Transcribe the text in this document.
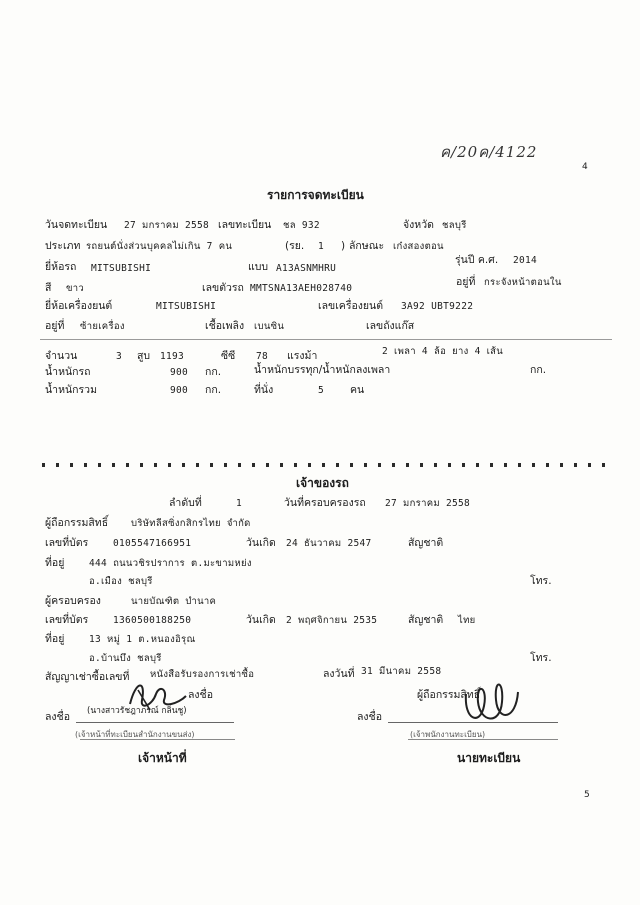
ค/20ค/4122
4
รายการจดทะเบียน
วันจดทะเบียน 27 มกราคม 2558 เลขทะเบียน ชล 932	จังหวัด ชลบุรี
ประเภท รถยนต์นั่งส่วนบุคคลไม่เกิน 7 คน	(รย. 1 ) ลักษณะ เก๋งสองตอน
ยี่ห้อรถ MITSUBISHI	แบบ A13ASNMHRU
รุ่นปี ค.ศ. 2014
สี ขาว	เลขตัวรถ MMTSNA13AEH028740
อยู่ที่ กระจังหน้าตอนใน
ยี่ห้อเครื่องยนต์	MITSUBISHI	เลขเครื่องยนต์ 3A92 UBT9222
อยู่ที่ ซ้ายเครื่อง	เชื้อเพลิง เบนซิน	เลขถังแก๊ส
จำนวน	3 สูบ 1193	ซีซี 78 แรงม้า	2 เพลา 4 ล้อ ยาง 4 เส้น
น้ำหนักรถ	900 กก.	น้ำหนักบรรทุก/น้ำหนักลงเพลา	กก.
น้ำหนักรวม	900 กก.	ที่นั่ง	5 คน
เจ้าของรถ
ลำดับที่	1	วันที่ครอบครองรถ 27 มกราคม 2558
ผู้ถือกรรมสิทธิ์ บริษัทลีสซิ่งกสิกรไทย จำกัด
เลขที่บัตร	0105547166951	วันเกิด 24 ธันวาคม 2547	สัญชาติ
ที่อยู่	444 ถนนวชิรปราการ ต.มะขามหย่ง
อ.เมือง ชลบุรี	โทร.
ผู้ครอบครอง	นายบัณฑิต บำนาค
เลขที่บัตร	1360500188250	วันเกิด 2 พฤศจิกายน 2535	สัญชาติ ไทย
ที่อยู่	13 หมู่ 1 ต.หนองอิรุณ
อ.บ้านบึง ชลบุรี	โทร.
สัญญาเช่าซื้อเลขที่ หนังสือรับรองการเช่าซื้อ	ลงวันที่ 31 มีนาคม 2558
ลงชื่อ	ผู้ถือกรรมสิทธิ์
ลงชื่อ (นางสาวรัชฎาภรณ์ กลิ่นชู)	ลงชื่อ
(เจ้าหน้าที่ทะเบียนสำนักงานขนส่ง)	(เจ้าพนักงานทะเบียน)
เจ้าหน้าที่	นายทะเบียน
5
